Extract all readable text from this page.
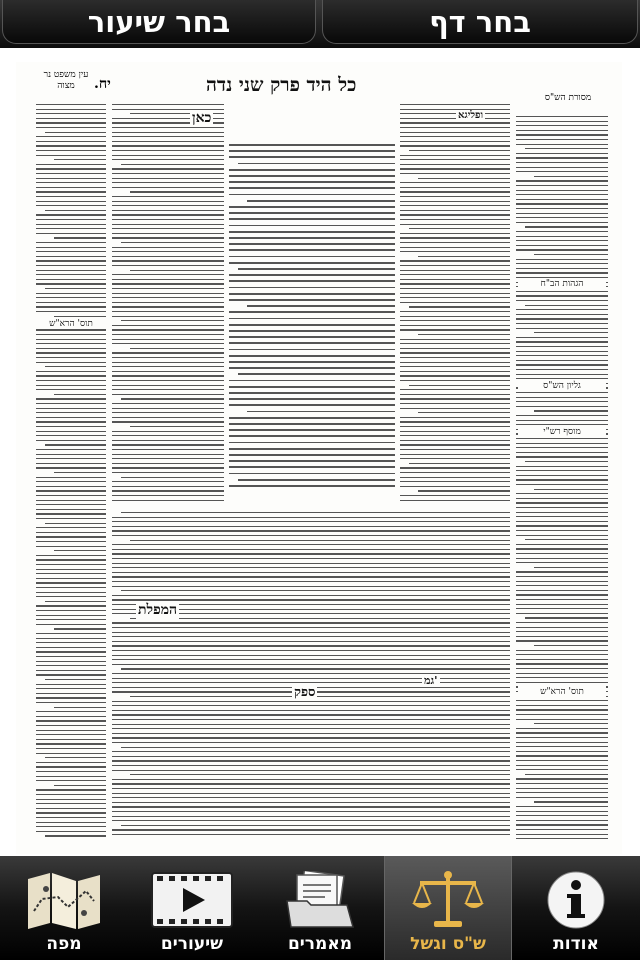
בחר שיעור	בחר דף
עין משפט נר מצוה	יח.	כל היד פרק שני נדה
מסורת הש"ס
הגהות הב"ח
גליון הש"ס
מוסף רש"י
תוס' הרא"ש
תוס' הרא"ש
כאן	ופליגא
המפלת
גמ'
ספק
מפה	שיעורים	מאמרים	ש"ס וגשל	אודות
